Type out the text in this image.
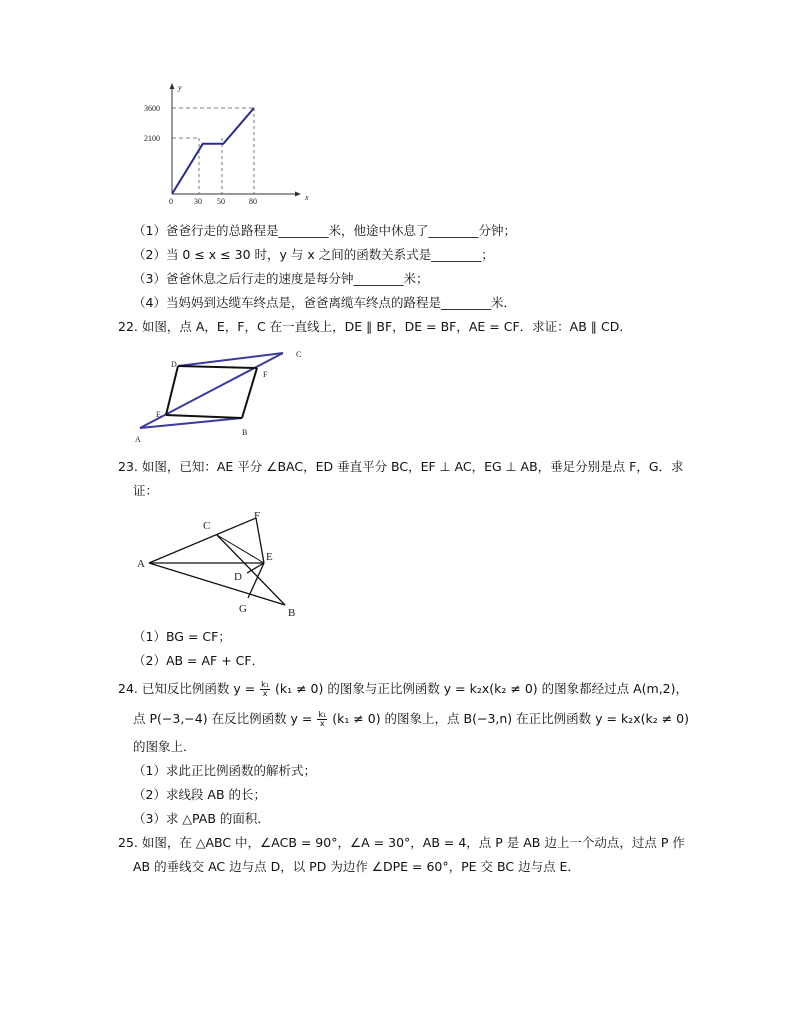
y
x
3600
2100
0	30 50	80
（1）爸爸行走的总路程是________米，他途中休息了________分钟；
（2）当 0 ≤ x ≤ 30 时，y 与 x 之间的函数关系式是________；
（3）爸爸休息之后行走的速度是每分钟________米；
（4）当妈妈到达缆车终点是，爸爸离缆车终点的路程是________米．
22. 如图，点 A，E，F，C 在一直线上，DE ∥ BF，DE = BF，AE = CF．求证：AB ∥ CD．
A
B
C
D
E
F
23. 如图，已知：AE 平分 ∠BAC，ED 垂直平分 BC，EF ⊥ AC，EG ⊥ AB，垂足分别是点 F，G．求
证：
A
B
C
D
E
F
G
（1）BG = CF；
（2）AB = AF + CF．
24. 已知反比例函数 $y = \frac{\text{k₁}}{x} (k_1 \ne 0)$ 的图象与正比例函数 y = k₂x(k₂ ≠ 0) 的图象都经过点 A(m,2)，
点 P(−3,−4) 在反比例函数 $y = \frac{\text{k₁}}{x} (k_1 \ne 0)$ 的图象上，点 B(−3,n) 在正比例函数 y = k₂x(k₂ ≠ 0)
的图象上．
（1）求此正比例函数的解析式；
（2）求线段 AB 的长；
（3）求 △PAB 的面积．
25. 如图，在 △ABC 中，∠ACB = 90°，∠A = 30°，AB = 4，点 P 是 AB 边上一个动点，过点 P 作
AB 的垂线交 AC 边与点 D，以 PD 为边作 ∠DPE = 60°，PE 交 BC 边与点 E．
